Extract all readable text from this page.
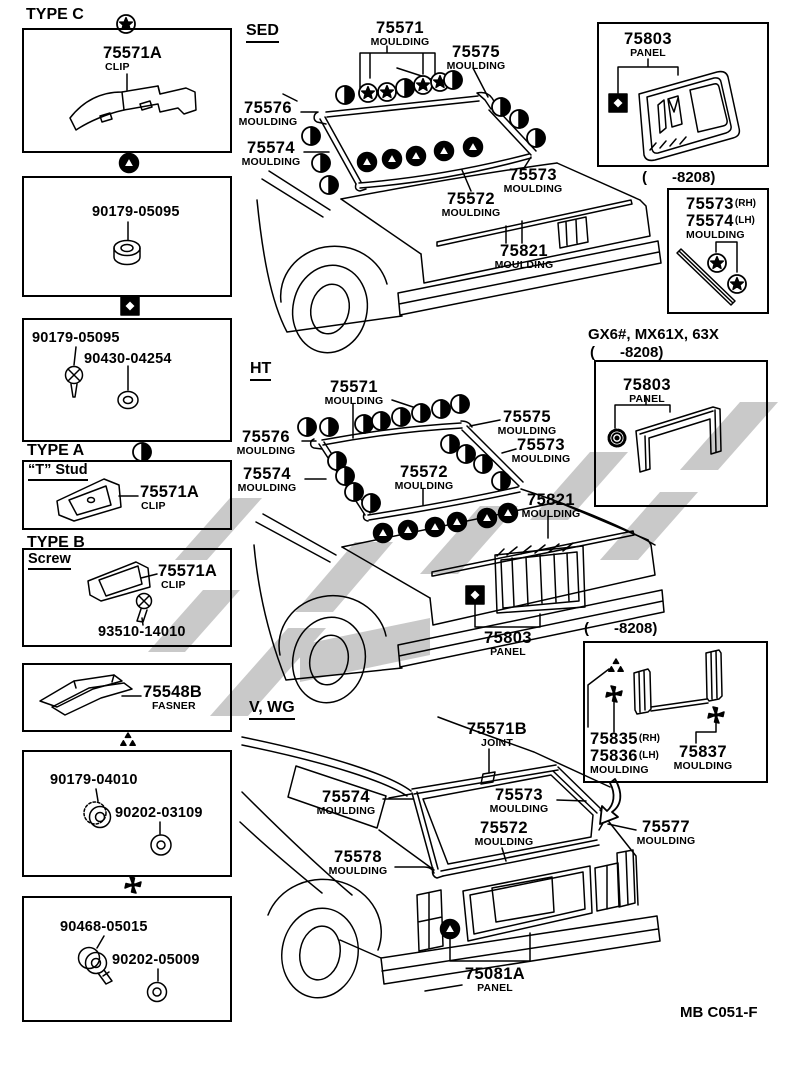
TYPE C
TYPE A
TYPE B
SED
HT
V, WG
“T” Stud
Screw
75571A
CLIP
90179-05095
90179-05095
90430-04254
75571A
CLIP
75571A
CLIP
93510-14010
75548B
FASNER
90179-04010
90202-03109
90468-05015
90202-05009
75571
MOULDING
75575
MOULDING
75576
MOULDING
75574
MOULDING
75573
MOULDING
75572
MOULDING
75821
MOULDING
75571
MOULDING
75575
MOULDING
75576
MOULDING	75573
MOULDING
75574
MOULDING
75572
MOULDING
75821
MOULDING
75803
PANEL
75571B
JOINT
75574
MOULDING
75573
MOULDING
75572
MOULDING
75577
MOULDING
75578
MOULDING
75081A
PANEL
75803
PANEL
(      -8208)
75573 (RH)
75574 (LH)
MOULDING
GX6#, MX61X, 63X
(      -8208)
75803
PANEL
(      -8208)
75835 (RH)
75836 (LH)
MOULDING
75837
MOULDING
MB C051-F
